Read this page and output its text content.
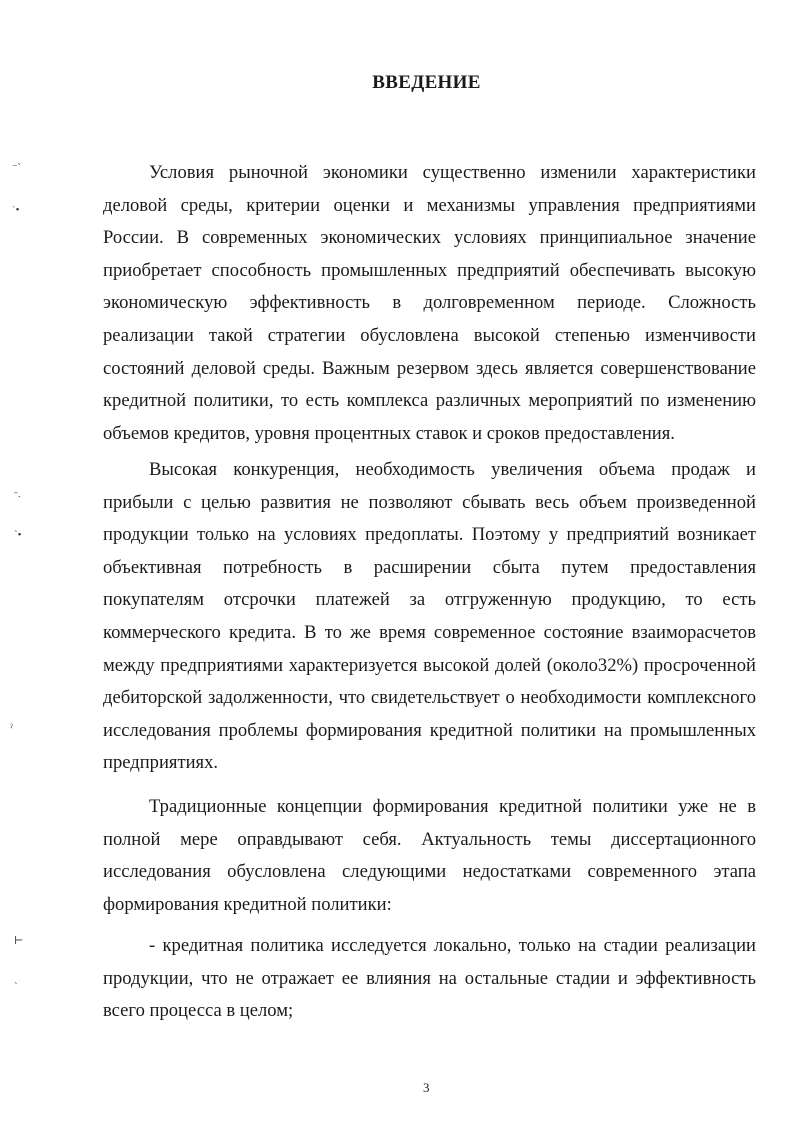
⁻‵
ˈ•
˗ˎ
ˋ•
ˀ
⊢
ˋ
ВВЕДЕНИЕ

Условия рыночной экономики существенно изменили характеристики деловой среды, критерии оценки и механизмы управления предприятиями России. В современных экономических условиях принципиальное значение приобретает способность промышленных предприятий обеспечивать высокую экономическую эффективность в долговременном периоде. Сложность реализации такой стратегии обусловлена высокой степенью изменчивости состояний деловой среды. Важным резервом здесь является совершенствование кредитной политики, то есть комплекса различных мероприятий по изменению объемов кредитов, уровня процентных ставок и сроков предоставления.

Высокая конкуренция, необходимость увеличения объема продаж и прибыли с целью развития не позволяют сбывать весь объем произведенной продукции только на условиях предоплаты. Поэтому у предприятий возникает объективная потребность в расширении сбыта путем предоставления покупателям отсрочки платежей за отгруженную продукцию, то есть коммерческого кредита. В то же время современное состояние взаиморасчетов между предприятиями характеризуется высокой долей (около32%) просроченной дебиторской задолженности, что свидетельствует о необходимости комплексного исследования проблемы формирования кредитной политики на промышленных предприятиях.

Традиционные концепции формирования кредитной политики уже не в полной мере оправдывают себя. Актуальность темы диссертационного исследования обусловлена следующими недостатками современного этапа формирования кредитной политики:

- кредитная политика исследуется локально, только на стадии реализации продукции, что не отражает ее влияния на остальные стадии и эффективность всего процесса в целом;

3
